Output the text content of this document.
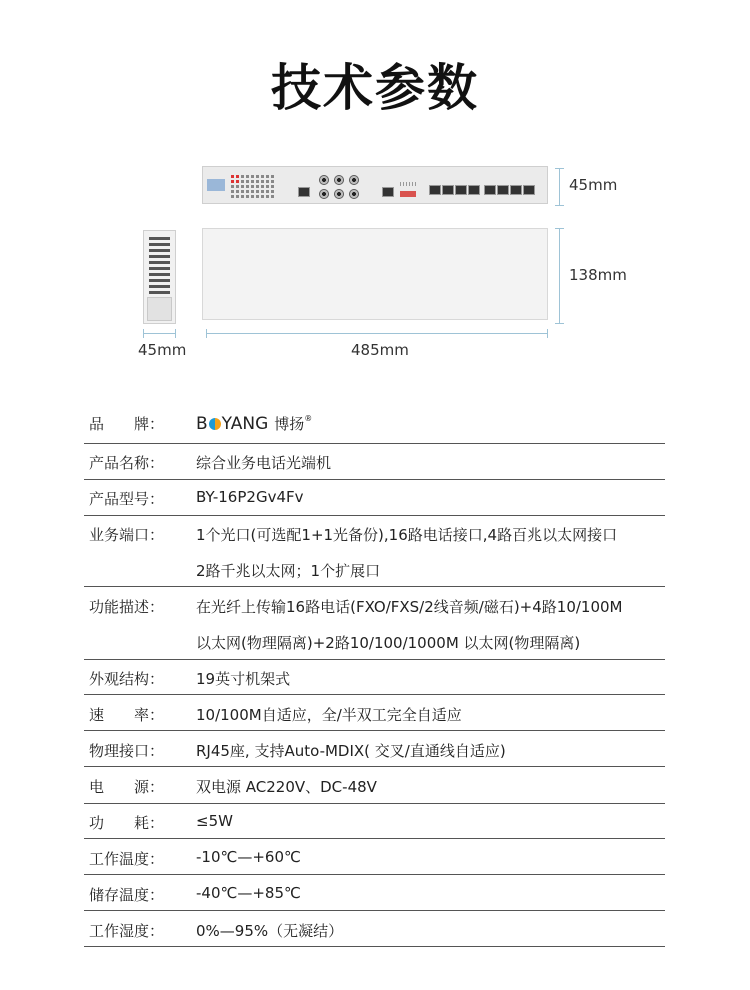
技术参数
45mm
138mm
45mm	485mm
品　　牌： B YANG 博扬®
产品名称： 综合业务电话光端机
产品型号： BY-16P2Gv4Fv
业务端口： 1个光口(可选配1+1光备份),16路电话接口,4路百兆以太网接口
2路千兆以太网；1个扩展口
功能描述： 在光纤上传输16路电话(FXO/FXS/2线音频/磁石)+4路10/100M
以太网(物理隔离)+2路10/100/1000M 以太网(物理隔离)
外观结构： 19英寸机架式
速　　率： 10/100M自适应，全/半双工完全自适应
物理接口： RJ45座, 支持Auto-MDIX( 交叉/直通线自适应)
电　　源： 双电源 AC220V、DC-48V
功　　耗： ≤5W
工作温度： -10℃—+60℃
储存温度： -40℃—+85℃
工作湿度： 0%—95%（无凝结）
